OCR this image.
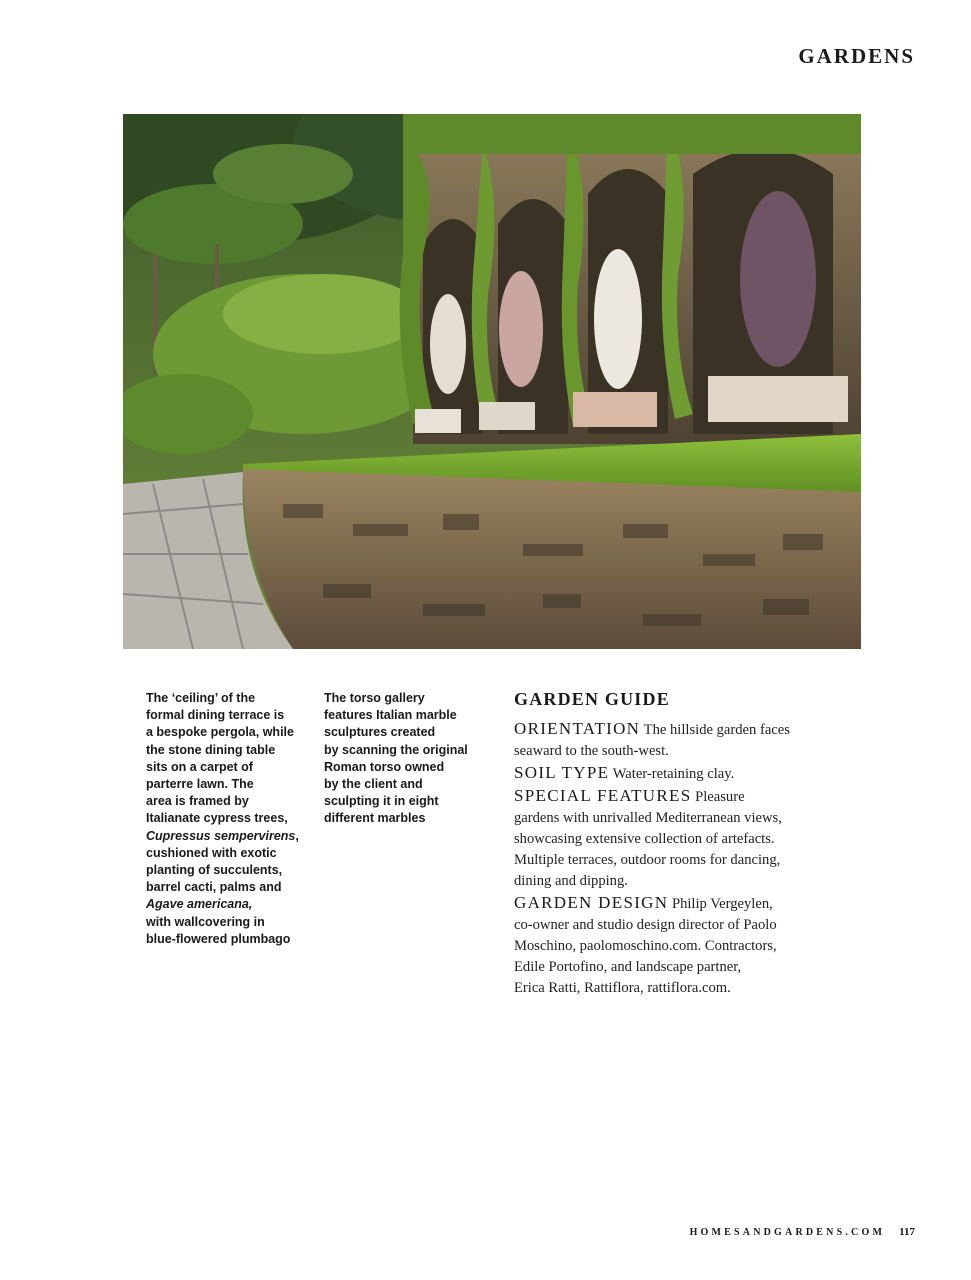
GARDENS
The ‘ceiling’ of the
formal dining terrace is
a bespoke pergola, while
the stone dining table
sits on a carpet of
parterre lawn. The
area is framed by
Italianate cypress trees,
Cupressus sempervirens,
cushioned with exotic
planting of succulents,
barrel cacti, palms and
Agave americana,
with wallcovering in
blue-flowered plumbago
The torso gallery
features Italian marble
sculptures created
by scanning the original
Roman torso owned
by the client and
sculpting it in eight
different marbles
GARDEN GUIDE
ORIENTATION The hillside garden faces
seaward to the south-west.
SOIL TYPE Water-retaining clay.
SPECIAL FEATURES Pleasure
gardens with unrivalled Mediterranean views,
showcasing extensive collection of artefacts.
Multiple terraces, outdoor rooms for dancing,
dining and dipping.
GARDEN DESIGN Philip Vergeylen,
co-owner and studio design director of Paolo
Moschino, paolomoschino.com. Contractors,
Edile Portofino, and landscape partner,
Erica Ratti, Rattiflora, rattiflora.com.
HOMESANDGARDENS.COM 117
